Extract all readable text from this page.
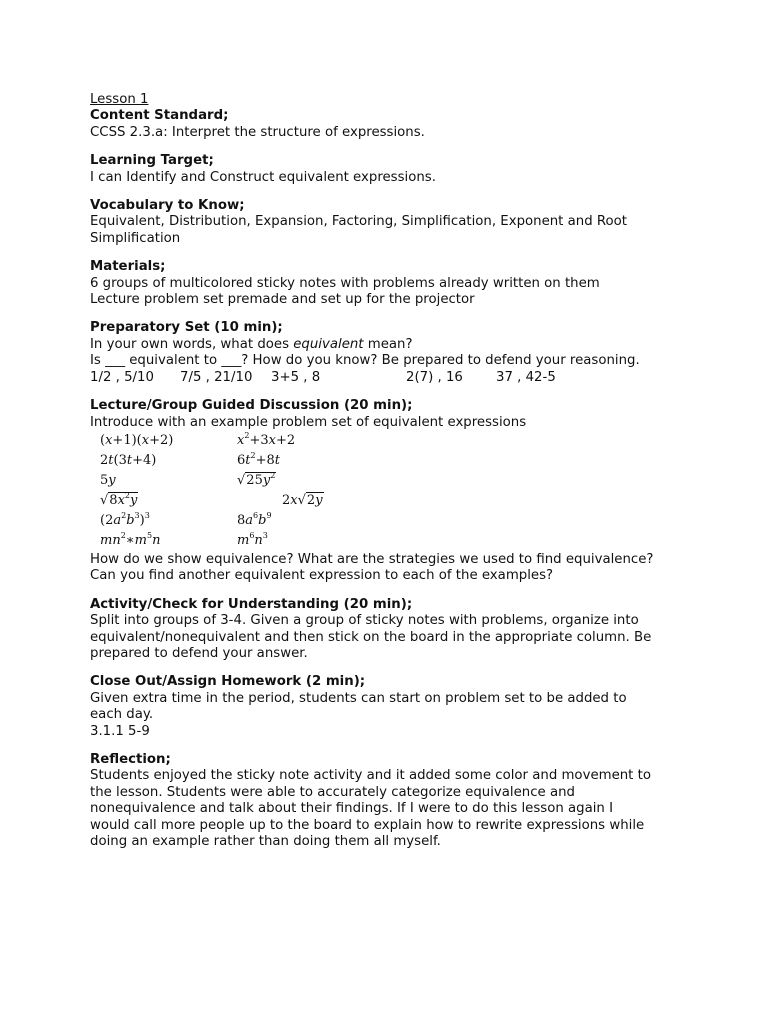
Lesson 1
Content Standard;
CCSS 2.3.a: Interpret the structure of expressions.
Learning Target;
I can Identify and Construct equivalent expressions.
Vocabulary to Know;
Equivalent, Distribution, Expansion, Factoring, Simplification, Exponent and Root
Simplification
Materials;
6 groups of multicolored sticky notes with problems already written on them
Lecture problem set premade and set up for the projector
Preparatory Set (10 min);
In your own words, what does equivalent mean?
Is ___ equivalent to ___? How do you know? Be prepared to defend your reasoning.
1/2 , 5/10 7/5 , 21/10 3+5 , 8	2(7) , 16 37 , 42-5
Lecture/Group Guided Discussion (20 min);
Introduce with an example problem set of equivalent expressions
(x+1)(x+2)
2t(3t+4)
5y
$√8x^2y$
$(2a^2b^3)^3$
$mn^2∗m^5n$
$x^2+3x+2$
$6t^2+8t$
$√25y^2$
2x√2y
$8a^6b^9$
$m^6n^3$
How do we show equivalence? What are the strategies we used to find equivalence?
Can you find another equivalent expression to each of the examples?
Activity/Check for Understanding (20 min);
Split into groups of 3-4. Given a group of sticky notes with problems, organize into
equivalent/nonequivalent and then stick on the board in the appropriate column. Be
prepared to defend your answer.
Close Out/Assign Homework (2 min);
Given extra time in the period, students can start on problem set to be added to
each day.
3.1.1 5-9
Reflection;
Students enjoyed the sticky note activity and it added some color and movement to
the lesson. Students were able to accurately categorize equivalence and
nonequivalence and talk about their findings. If I were to do this lesson again I
would call more people up to the board to explain how to rewrite expressions while
doing an example rather than doing them all myself.
